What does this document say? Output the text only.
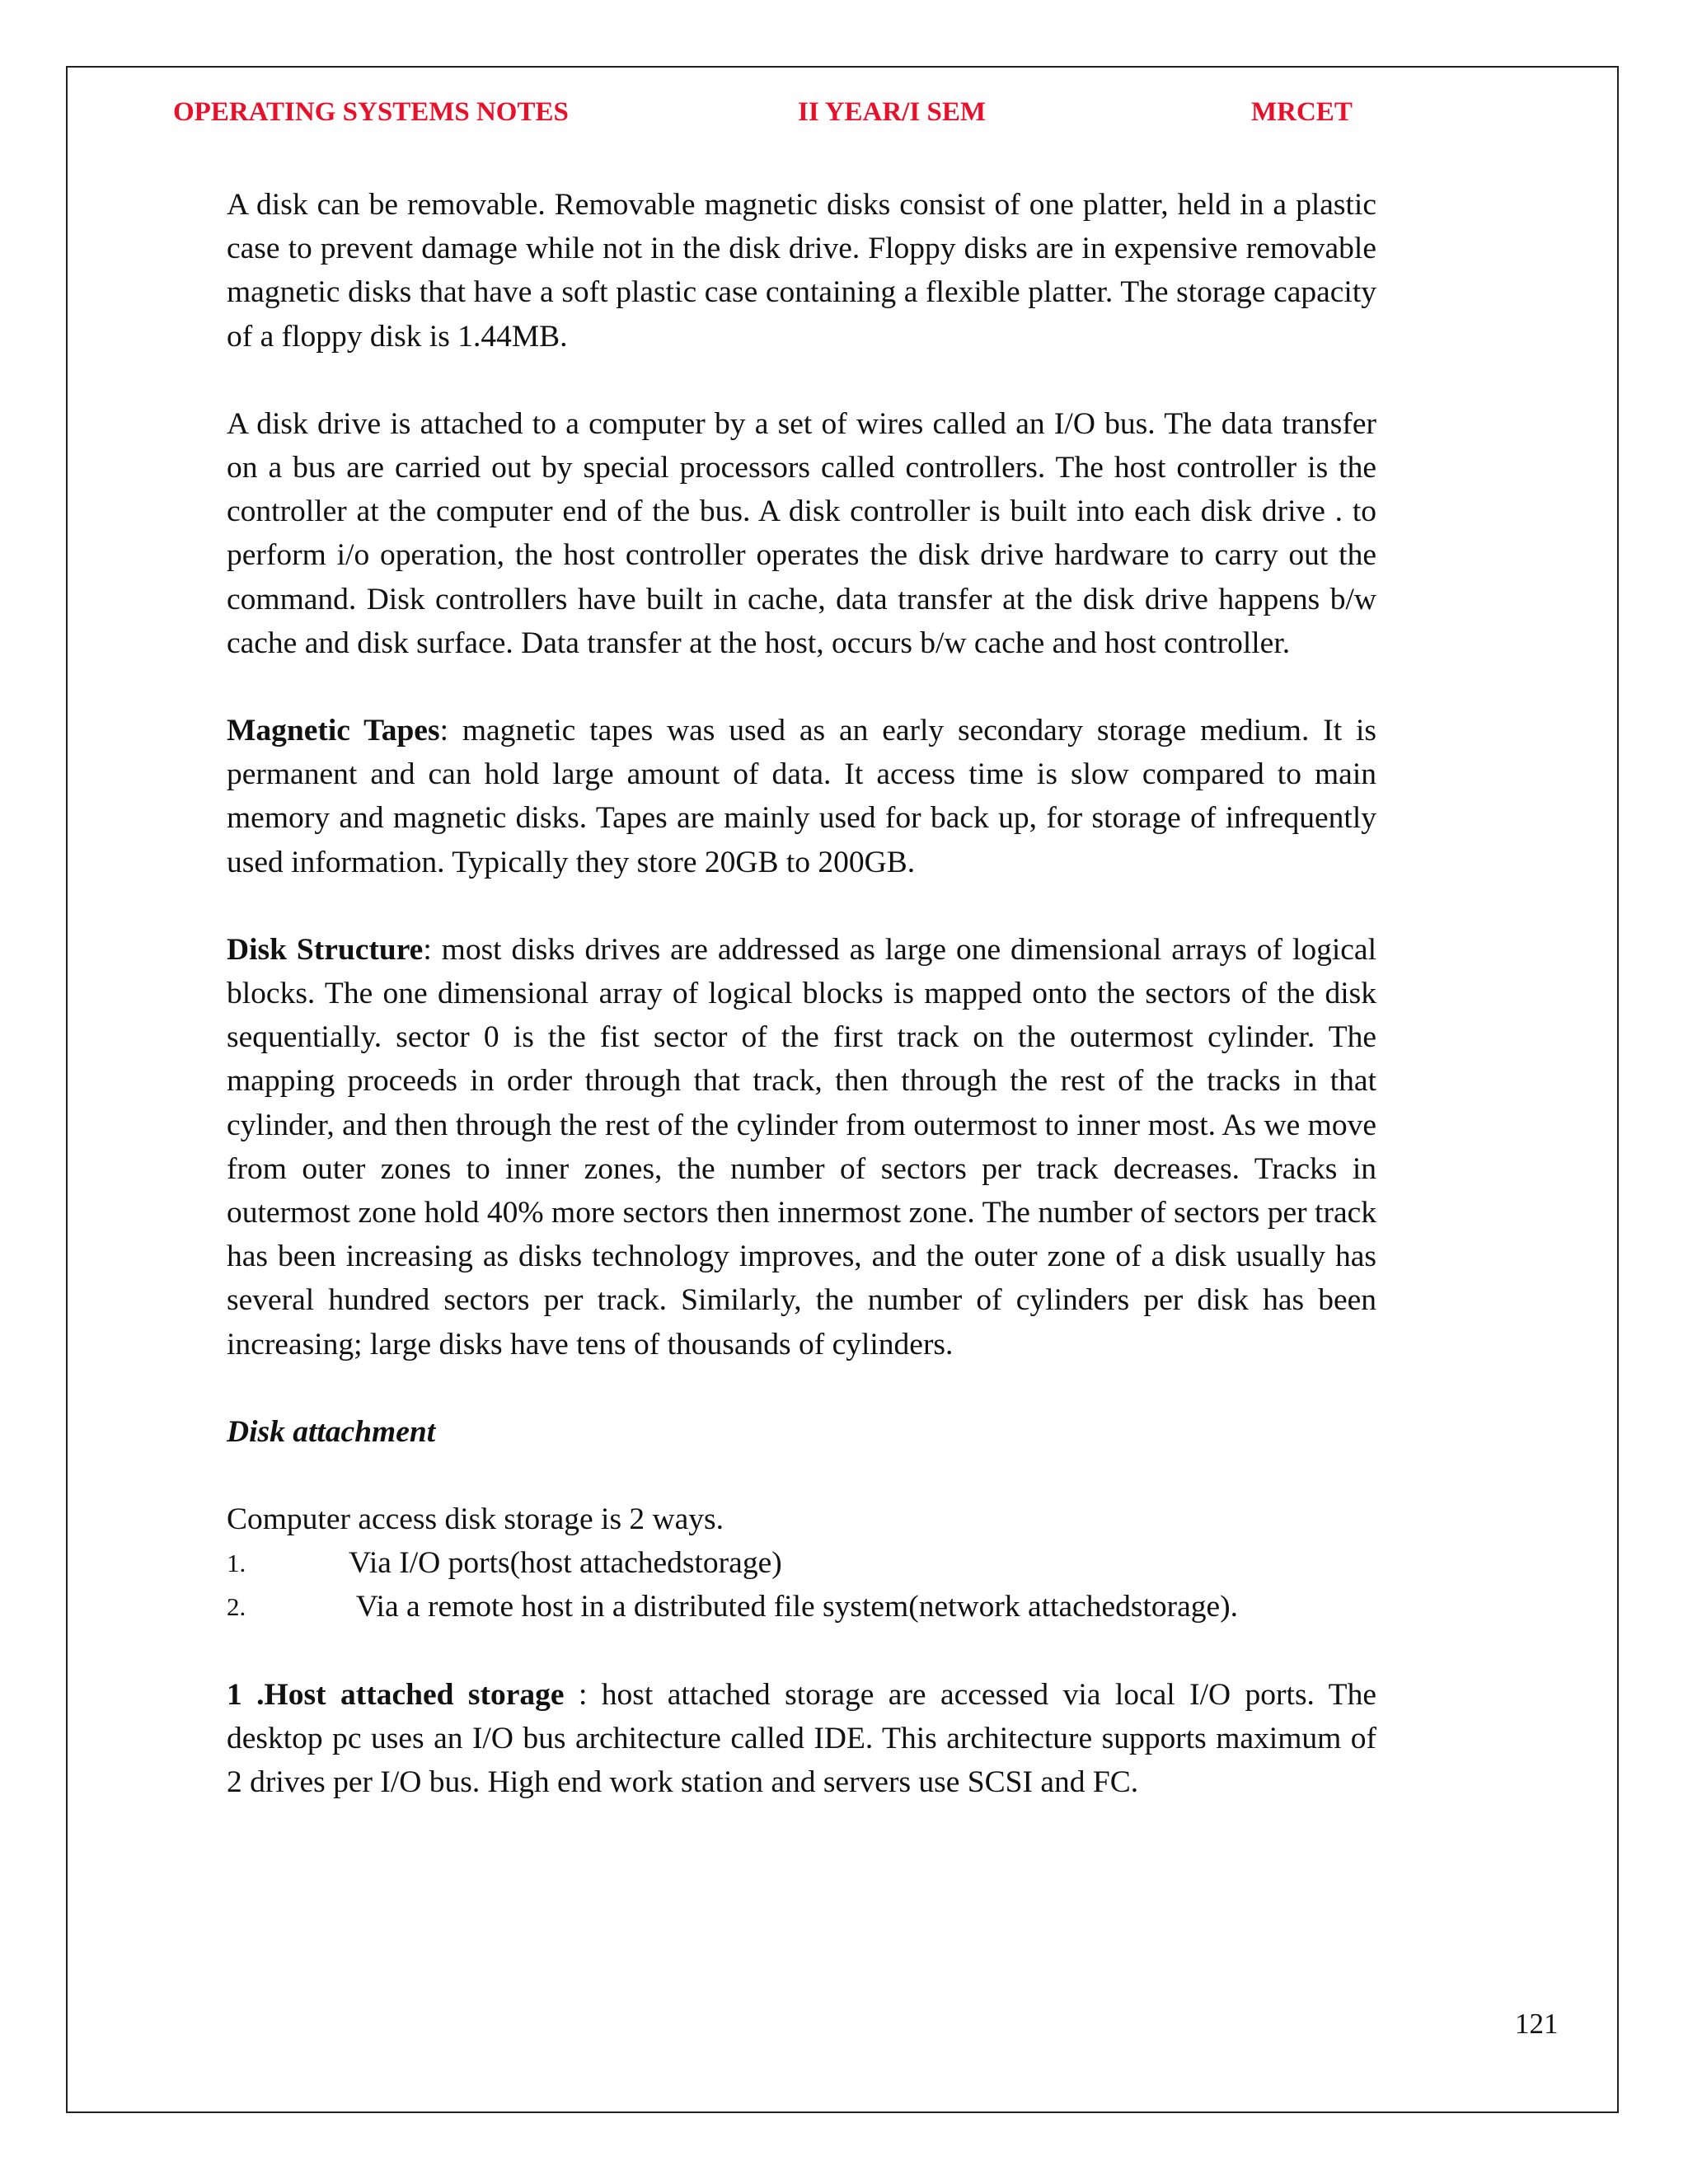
OPERATING SYSTEMS NOTES	II YEAR/I SEM	MRCET

A disk can be removable. Removable magnetic disks consist of one platter, held in a plastic case to prevent damage while not in the disk drive. Floppy disks are in expensive removable magnetic disks that have a soft plastic case containing a flexible platter. The storage capacity of a floppy disk is 1.44MB.

A disk drive is attached to a computer by a set of wires called an I/O bus. The data transfer on a bus are carried out by special processors called controllers. The host controller is the controller at the computer end of the bus. A disk controller is built into each disk drive . to perform i/o operation, the host controller operates the disk drive hardware to carry out the command. Disk controllers have built in cache, data transfer at the disk drive happens b/w cache and disk surface. Data transfer at the host, occurs b/w cache and host controller.

Magnetic Tapes: magnetic tapes was used as an early secondary storage medium. It is permanent and can hold large amount of data. It access time is slow compared to main memory and magnetic disks. Tapes are mainly used for back up, for storage of infrequently used information. Typically they store 20GB to 200GB.

Disk Structure: most disks drives are addressed as large one dimensional arrays of logical blocks. The one dimensional array of logical blocks is mapped onto the sectors of the disk sequentially. sector 0 is the fist sector of the first track on the outermost cylinder. The mapping proceeds in order through that track, then through the rest of the tracks in that cylinder, and then through the rest of the cylinder from outermost to inner most. As we move from outer zones to inner zones, the number of sectors per track decreases. Tracks in outermost zone hold 40% more sectors then innermost zone. The number of sectors per track has been increasing as disks technology improves, and the outer zone of a disk usually has several hundred sectors per track. Similarly, the number of cylinders per disk has been increasing; large disks have tens of thousands of cylinders.

Disk attachment

Computer access disk storage is 2 ways.

1.	Via I/O ports(host attachedstorage)
2.	Via a remote host in a distributed file system(network attachedstorage).

1 .Host attached storage : host attached storage are accessed via local I/O ports. The desktop pc uses an I/O bus architecture called IDE. This architecture supports maximum of 2 drives per I/O bus. High end work station and servers use SCSI and FC.

121
